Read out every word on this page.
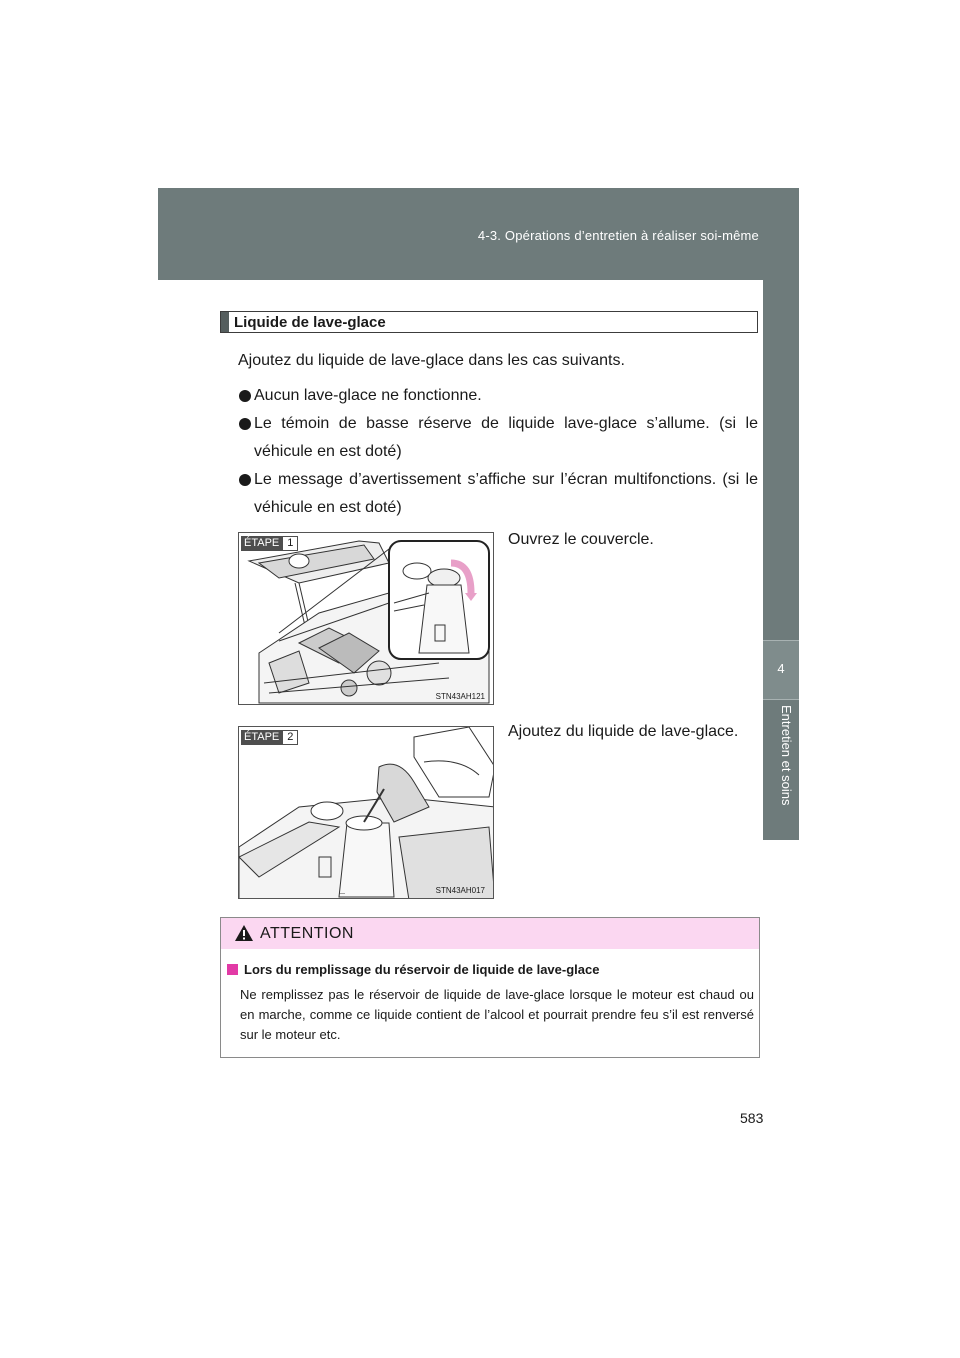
4-3. Opérations d’entretien à réaliser soi-même
4
Entretien et soins
Liquide de lave-glace
Ajoutez du liquide de lave-glace dans les cas suivants.
Aucun lave-glace ne fonctionne.
Le témoin de basse réserve de liquide lave-glace s’allume. (si le véhicule en est doté)
Le message d’avertissement s’affiche sur l’écran multifonctions. (si le véhicule en est doté)
ÉTAPE 1
STN43AH121
Ouvrez le couvercle.
—
ÉTAPE 2
STN43AH017
Ajoutez du liquide de lave-glace.
ATTENTION
Lors du remplissage du réservoir de liquide de lave-glace
Ne remplissez pas le réservoir de liquide de lave-glace lorsque le moteur est chaud ou en marche, comme ce liquide contient de l’alcool et pourrait prendre feu s’il est renversé sur le moteur etc.
583
